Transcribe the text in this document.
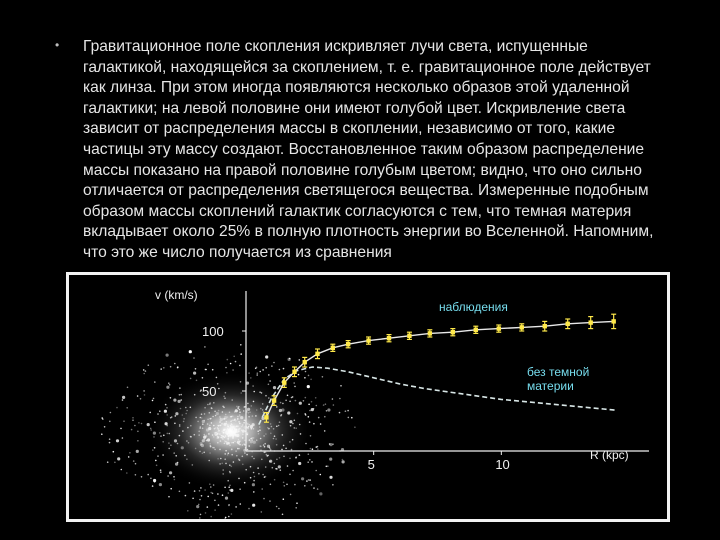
• Гравитационное поле скопления искривляет лучи света, испущенные галактикой, находящейся за скоплением, т. е. гравитационное поле действует как линза. При этом иногда появляются несколько образов этой удаленной галактики; на левой половине они имеют голубой цвет. Искривление света зависит от распределения массы в скоплении, независимо от того, какие частицы эту массу создают. Восстановленное таким образом распределение массы показано на правой половине голубым цветом; видно, что оно сильно отличается от распределения светящегося вещества. Измеренные подобным образом массы скоплений галактик согласуются с тем, что темная материя вкладывает около 25% в полную плотность энергии во Вселенной. Напомним, что это же число получается из сравнения
100
50
5	10
v (km/s)
R (kpc)
наблюдения
без темной материи
